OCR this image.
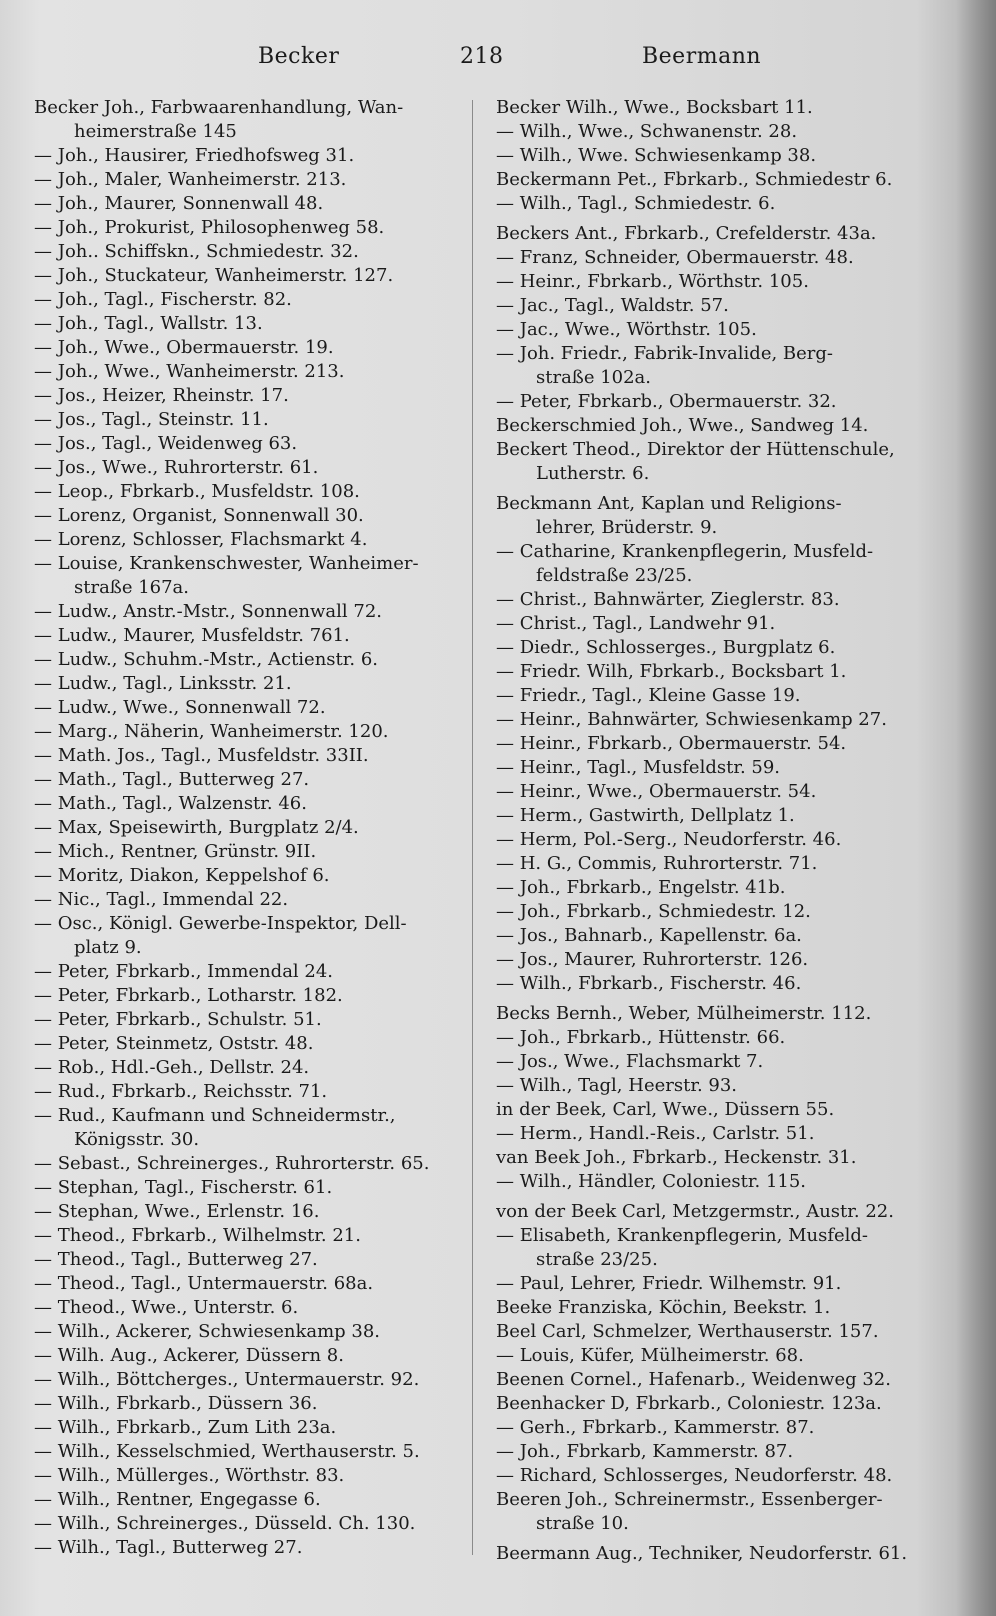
Becker	218	Beermann
Becker Joh., Farbwaarenhandlung, Wan-
heimerstraße 145
— Joh., Hausirer, Friedhofsweg 31.
— Joh., Maler, Wanheimerstr. 213.
— Joh., Maurer, Sonnenwall 48.
— Joh., Prokurist, Philosophenweg 58.
— Joh.. Schiffskn., Schmiedestr. 32.
— Joh., Stuckateur, Wanheimerstr. 127.
— Joh., Tagl., Fischerstr. 82.
— Joh., Tagl., Wallstr. 13.
— Joh., Wwe., Obermauerstr. 19.
— Joh., Wwe., Wanheimerstr. 213.
— Jos., Heizer, Rheinstr. 17.
— Jos., Tagl., Steinstr. 11.
— Jos., Tagl., Weidenweg 63.
— Jos., Wwe., Ruhrorterstr. 61.
— Leop., Fbrkarb., Musfeldstr. 108.
— Lorenz, Organist, Sonnenwall 30.
— Lorenz, Schlosser, Flachsmarkt 4.
— Louise, Krankenschwester, Wanheimer-
straße 167a.
— Ludw., Anstr.-Mstr., Sonnenwall 72.
— Ludw., Maurer, Musfeldstr. 761.
— Ludw., Schuhm.-Mstr., Actienstr. 6.
— Ludw., Tagl., Linksstr. 21.
— Ludw., Wwe., Sonnenwall 72.
— Marg., Näherin, Wanheimerstr. 120.
— Math. Jos., Tagl., Musfeldstr. 33II.
— Math., Tagl., Butterweg 27.
— Math., Tagl., Walzenstr. 46.
— Max, Speisewirth, Burgplatz 2/4.
— Mich., Rentner, Grünstr. 9II.
— Moritz, Diakon, Keppelshof 6.
— Nic., Tagl., Immendal 22.
— Osc., Königl. Gewerbe-Inspektor, Dell-
platz 9.
— Peter, Fbrkarb., Immendal 24.
— Peter, Fbrkarb., Lotharstr. 182.
— Peter, Fbrkarb., Schulstr. 51.
— Peter, Steinmetz, Oststr. 48.
— Rob., Hdl.-Geh., Dellstr. 24.
— Rud., Fbrkarb., Reichsstr. 71.
— Rud., Kaufmann und Schneidermstr.,
Königsstr. 30.
— Sebast., Schreinerges., Ruhrorterstr. 65.
— Stephan, Tagl., Fischerstr. 61.
— Stephan, Wwe., Erlenstr. 16.
— Theod., Fbrkarb., Wilhelmstr. 21.
— Theod., Tagl., Butterweg 27.
— Theod., Tagl., Untermauerstr. 68a.
— Theod., Wwe., Unterstr. 6.
— Wilh., Ackerer, Schwiesenkamp 38.
— Wilh. Aug., Ackerer, Düssern 8.
— Wilh., Böttcherges., Untermauerstr. 92.
— Wilh., Fbrkarb., Düssern 36.
— Wilh., Fbrkarb., Zum Lith 23a.
— Wilh., Kesselschmied, Werthauserstr. 5.
— Wilh., Müllerges., Wörthstr. 83.
— Wilh., Rentner, Engegasse 6.
— Wilh., Schreinerges., Düsseld. Ch. 130.
— Wilh., Tagl., Butterweg 27.
Becker Wilh., Wwe., Bocksbart 11.
— Wilh., Wwe., Schwanenstr. 28.
— Wilh., Wwe. Schwiesenkamp 38.
Beckermann Pet., Fbrkarb., Schmiedestr 6.
— Wilh., Tagl., Schmiedestr. 6.
Beckers Ant., Fbrkarb., Crefelderstr. 43a.
— Franz, Schneider, Obermauerstr. 48.
— Heinr., Fbrkarb., Wörthstr. 105.
— Jac., Tagl., Waldstr. 57.
— Jac., Wwe., Wörthstr. 105.
— Joh. Friedr., Fabrik-Invalide, Berg-
straße 102a.
— Peter, Fbrkarb., Obermauerstr. 32.
Beckerschmied Joh., Wwe., Sandweg 14.
Beckert Theod., Direktor der Hüttenschule,
Lutherstr. 6.
Beckmann Ant, Kaplan und Religions-
lehrer, Brüderstr. 9.
— Catharine, Krankenpflegerin, Musfeld-
feldstraße 23/25.
— Christ., Bahnwärter, Zieglerstr. 83.
— Christ., Tagl., Landwehr 91.
— Diedr., Schlosserges., Burgplatz 6.
— Friedr. Wilh, Fbrkarb., Bocksbart 1.
— Friedr., Tagl., Kleine Gasse 19.
— Heinr., Bahnwärter, Schwiesenkamp 27.
— Heinr., Fbrkarb., Obermauerstr. 54.
— Heinr., Tagl., Musfeldstr. 59.
— Heinr., Wwe., Obermauerstr. 54.
— Herm., Gastwirth, Dellplatz 1.
— Herm, Pol.-Serg., Neudorferstr. 46.
— H. G., Commis, Ruhrorterstr. 71.
— Joh., Fbrkarb., Engelstr. 41b.
— Joh., Fbrkarb., Schmiedestr. 12.
— Jos., Bahnarb., Kapellenstr. 6a.
— Jos., Maurer, Ruhrorterstr. 126.
— Wilh., Fbrkarb., Fischerstr. 46.
Becks Bernh., Weber, Mülheimerstr. 112.
— Joh., Fbrkarb., Hüttenstr. 66.
— Jos., Wwe., Flachsmarkt 7.
— Wilh., Tagl, Heerstr. 93.
in der Beek, Carl, Wwe., Düssern 55.
— Herm., Handl.-Reis., Carlstr. 51.
van Beek Joh., Fbrkarb., Heckenstr. 31.
— Wilh., Händler, Coloniestr. 115.
von der Beek Carl, Metzgermstr., Austr. 22.
— Elisabeth, Krankenpflegerin, Musfeld-
straße 23/25.
— Paul, Lehrer, Friedr. Wilhemstr. 91.
Beeke Franziska, Köchin, Beekstr. 1.
Beel Carl, Schmelzer, Werthauserstr. 157.
— Louis, Küfer, Mülheimerstr. 68.
Beenen Cornel., Hafenarb., Weidenweg 32.
Beenhacker D, Fbrkarb., Coloniestr. 123a.
— Gerh., Fbrkarb., Kammerstr. 87.
— Joh., Fbrkarb, Kammerstr. 87.
— Richard, Schlosserges, Neudorferstr. 48.
Beeren Joh., Schreinermstr., Essenberger-
straße 10.
Beermann Aug., Techniker, Neudorferstr. 61.
